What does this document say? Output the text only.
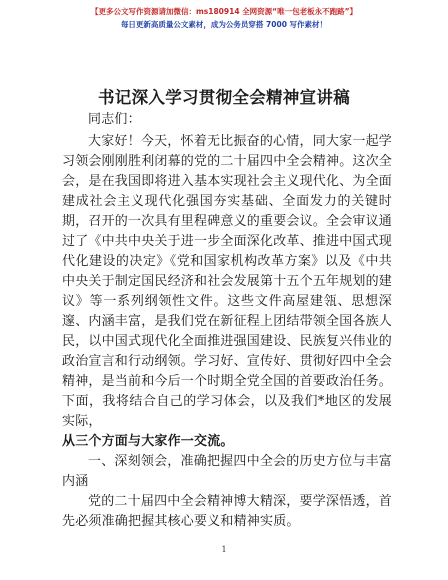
【更多公文写作资源请加微信：ms180914 全网资源“唯一包老板永不跑路”】
每日更新高质量公文素材，成为公务员穿搭 7000 写作素材！
书记深入学习贯彻全会精神宣讲稿

同志们：

大家好！今天，怀着无比振奋的心情，同大家一起学习领会刚刚胜利闭幕的党的二十届四中全会精神。这次全会，是在我国即将进入基本实现社会主义现代化、为全面建成社会主义现代化强国夯实基础、全面发力的关键时期，召开的一次具有里程碑意义的重要会议。全会审议通过了《中共中央关于进一步全面深化改革、推进中国式现代化建设的决定》《党和国家机构改革方案》以及《中共中央关于制定国民经济和社会发展第十五个五年规划的建议》等一系列纲领性文件。这些文件高屋建瓴、思想深邃、内涵丰富，是我们党在新征程上团结带领全国各族人民，以中国式现代化全面推进强国建设、民族复兴伟业的政治宣言和行动纲领。学习好、宣传好、贯彻好四中全会精神，是当前和今后一个时期全党全国的首要政治任务。下面，我将结合自己的学习体会，以及我们*地区的发展实际，

从三个方面与大家作一交流。

一、深刻领会，准确把握四中全会的历史方位与丰富内涵

党的二十届四中全会精神博大精深，要学深悟透，首先必须准确把握其核心要义和精神实质。

1
